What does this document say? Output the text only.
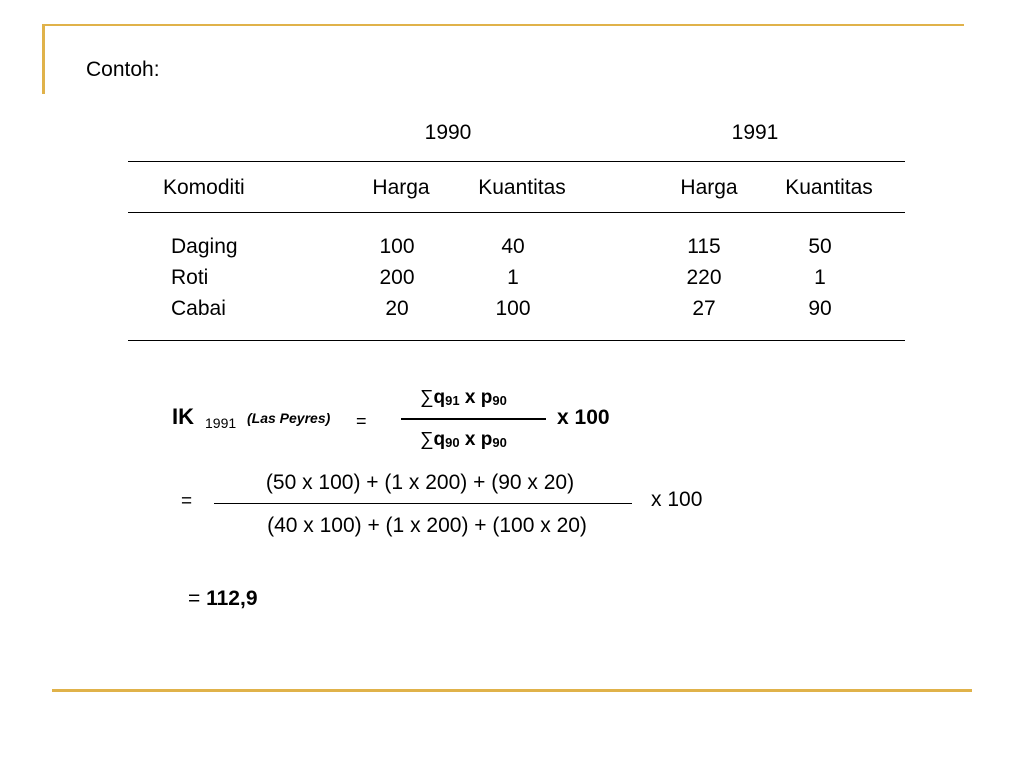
Contoh:
1990	1991
Komoditi	Harga Kuantitas	Harga Kuantitas
Daging	100	40	115	50
Roti	200	1	220	1
Cabai	20	100	27	90
IK 1991 (Las Peyres) =
$\sum q_{91}$ x $p_{90}$
$\sum q_{90}$ x $p_{90}$
x 100
=
(50 x 100) + (1 x 200) + (90 x 20)
(40 x 100) + (1 x 200) + (100 x 20)
x 100
= 112,9
